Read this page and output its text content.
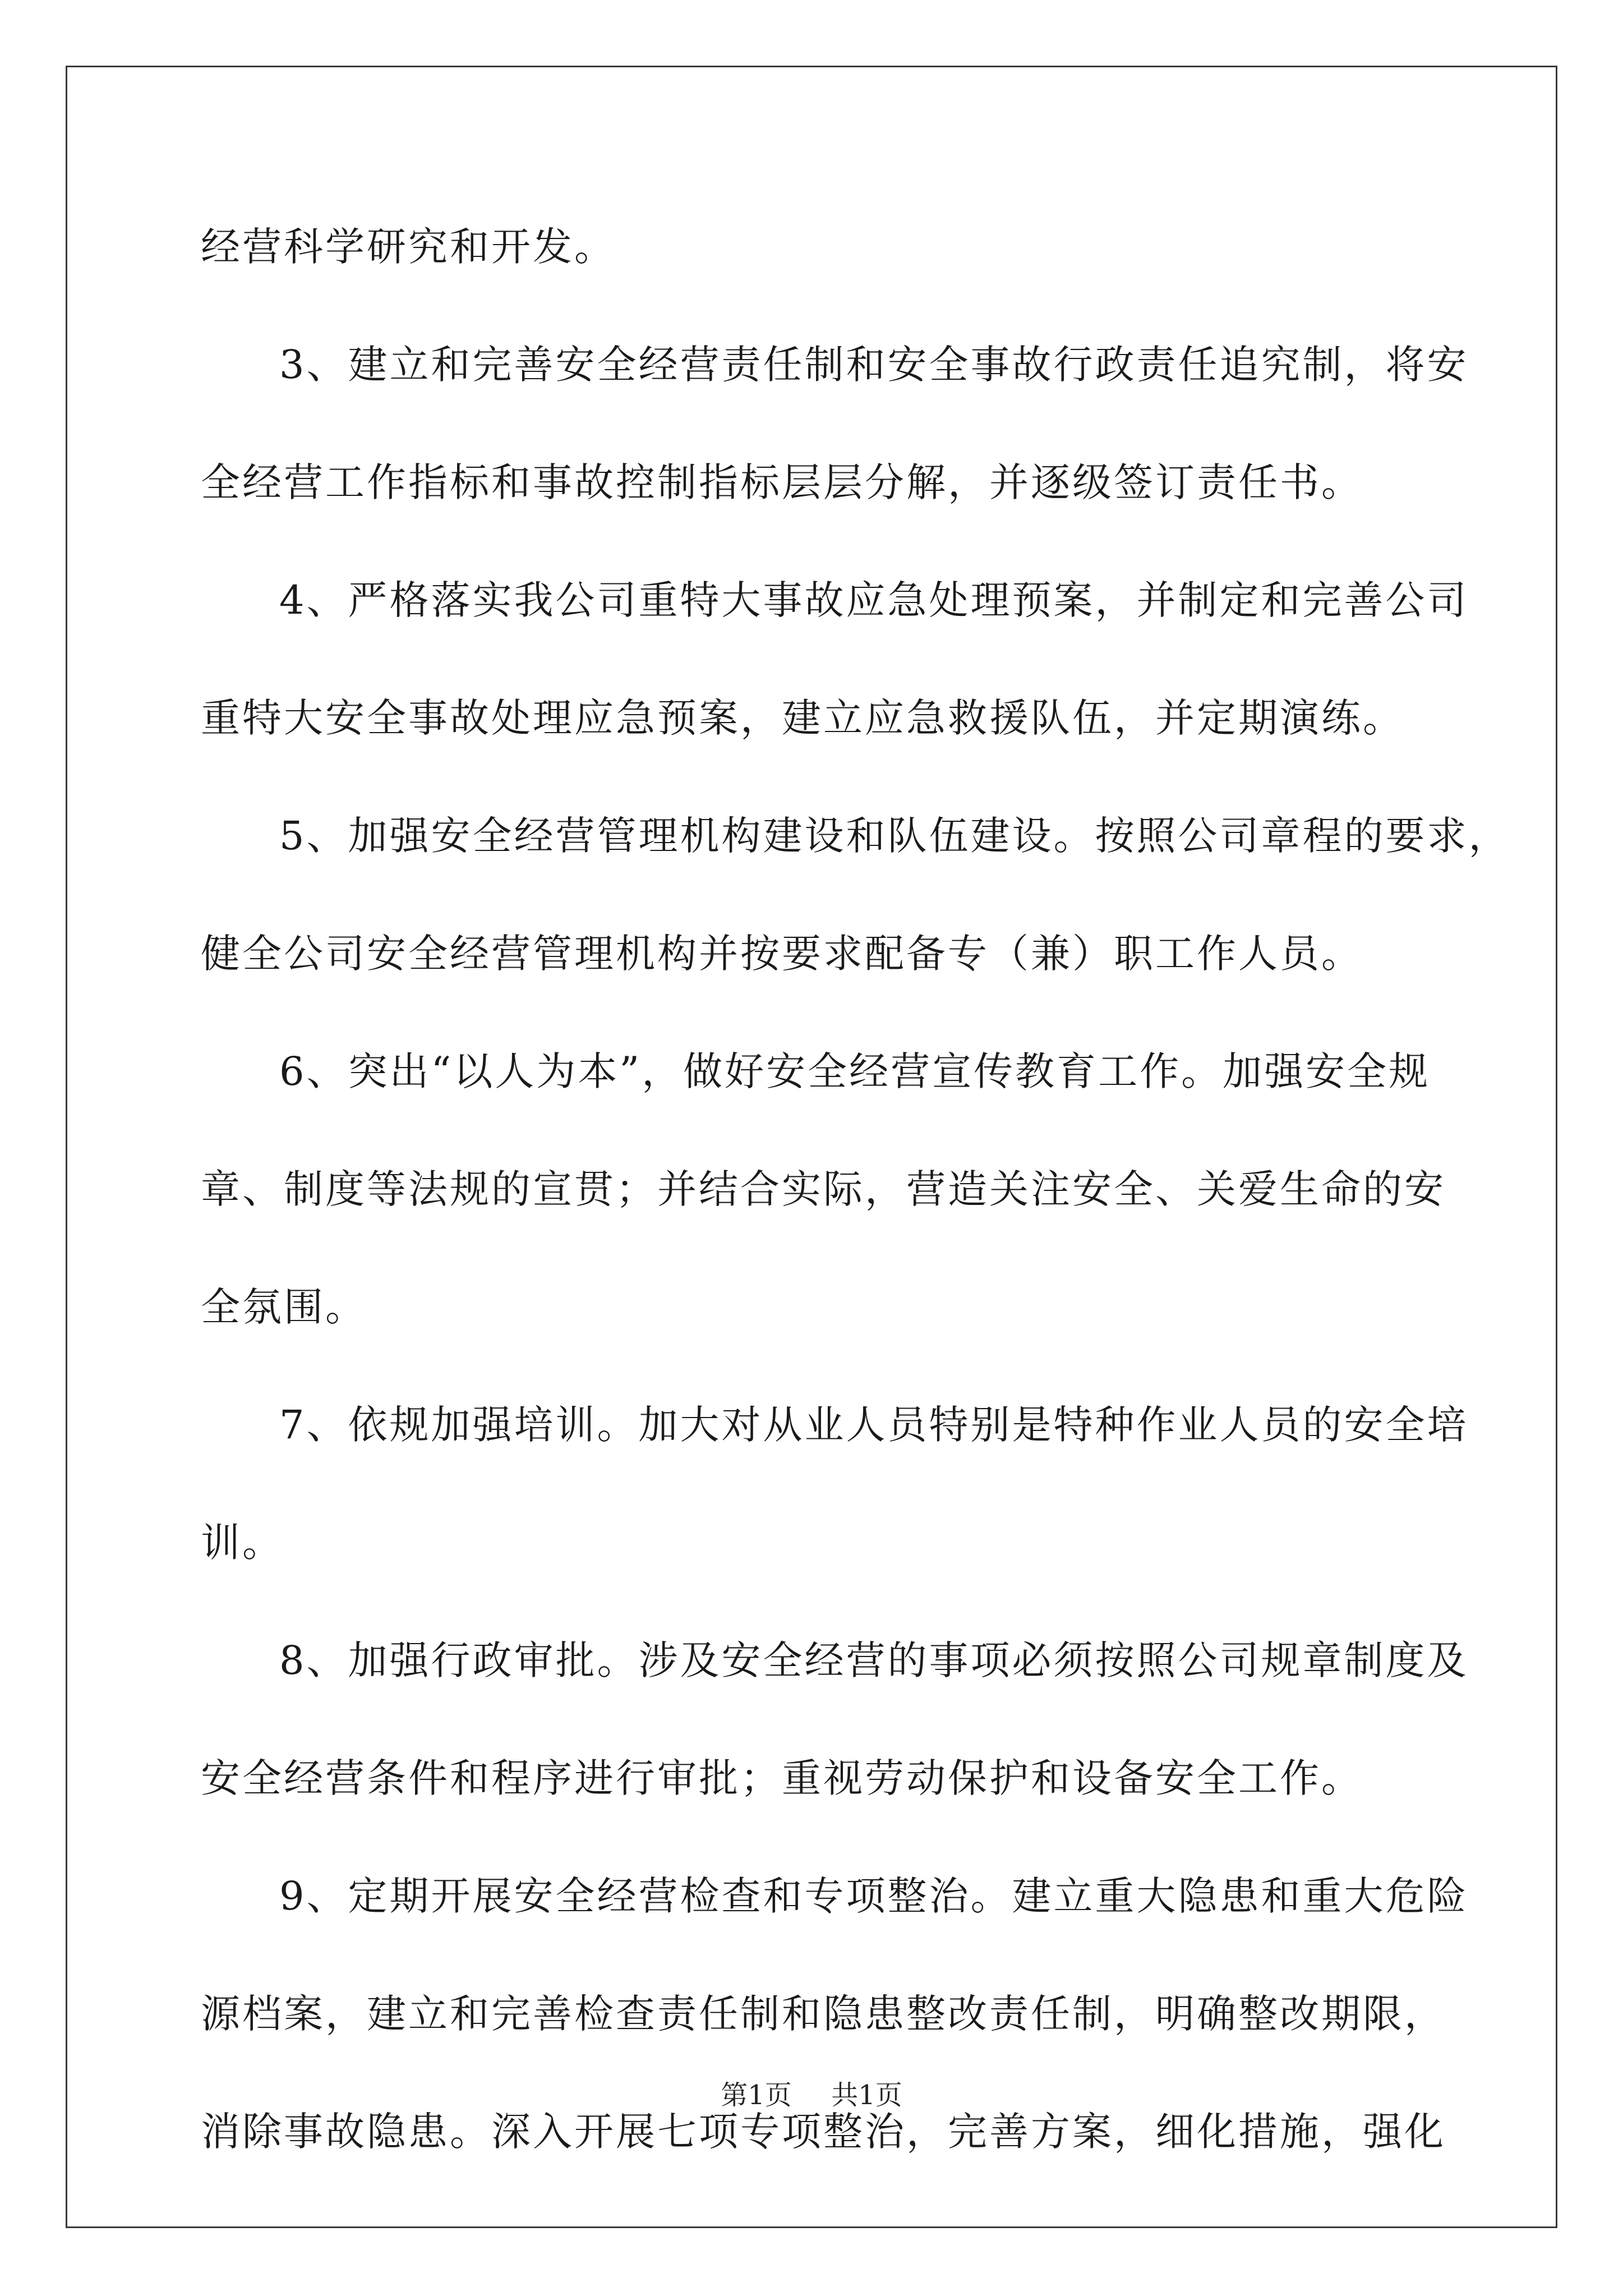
经营科学研究和开发。

3、建立和完善安全经营责任制和安全事故行政责任追究制，将安

全经营工作指标和事故控制指标层层分解，并逐级签订责任书。

4、严格落实我公司重特大事故应急处理预案，并制定和完善公司

重特大安全事故处理应急预案，建立应急救援队伍，并定期演练。

5、加强安全经营管理机构建设和队伍建设。按照公司章程的要求，

健全公司安全经营管理机构并按要求配备专（兼）职工作人员。

6、突出“以人为本”，做好安全经营宣传教育工作。加强安全规

章、制度等法规的宣贯；并结合实际，营造关注安全、关爱生命的安

全氛围。

7、依规加强培训。加大对从业人员特别是特种作业人员的安全培

训。

8、加强行政审批。涉及安全经营的事项必须按照公司规章制度及

安全经营条件和程序进行审批；重视劳动保护和设备安全工作。

9、定期开展安全经营检查和专项整治。建立重大隐患和重大危险

源档案，建立和完善检查责任制和隐患整改责任制，明确整改期限，

消除事故隐患。深入开展七项专项整治，完善方案，细化措施，强化

第1页 共1页
